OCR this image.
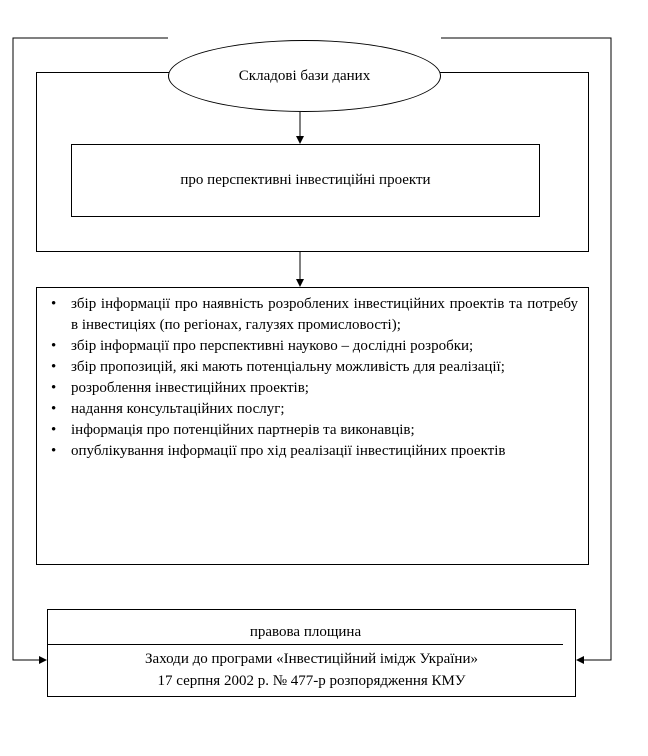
Складові бази даних
про перспективні інвестиційні проекти
• збір інформації про наявність розроблених інвестиційних проектів та потребу в інвестиціях (по регіонах, галузях промисловості);
• збір інформації про перспективні науково – дослідні розробки;
• збір пропозицій, які мають потенціальну можливість для реалізації;
• розроблення інвестиційних проектів;
• надання консультаційних послуг;
• інформація про потенційних партнерів та виконавців;
• опублікування інформації про хід реалізації інвестиційних проектів
правова площина
Заходи до програми «Інвестиційний імідж України»
17 серпня 2002 р. № 477-р розпорядження КМУ
